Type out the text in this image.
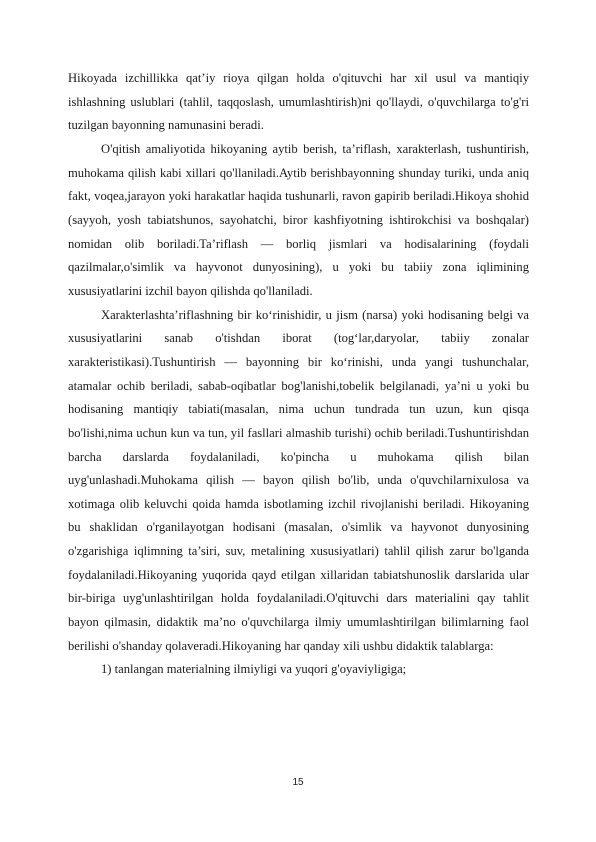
Hikoyada izchillikka qat’iy rioya qilgan holda o'qituvchi har xil usul va mantiqiy ishlashning uslublari (tahlil, taqqoslash, umumlashtirish)ni qo'llaydi, o'quvchilarga to'g'ri tuzilgan bayonning namunasini beradi.

O'qitish amaliyotida hikoyaning aytib berish, ta’riflash, xarakterlash, tushuntirish, muhokama qilish kabi xillari qo'llaniladi.Aytib berishbayonning shunday turiki, unda aniq fakt, voqea,jarayon yoki harakatlar haqida tushunarli, ravon gapirib beriladi.Hikoya shohid (sayyoh, yosh tabiatshunos, sayohatchi, biror kashfiyotning ishtirokchisi va boshqalar) nomidan olib boriladi.Ta’riflash — borliq jismlari va hodisalarining (foydali qazilmalar,o'simlik va hayvonot dunyosining), u yoki bu tabiiy zona iqlimining xususiyatlarini izchil bayon qilishda qo'llaniladi.

Xarakterlashta’riflashning bir ko‘rinishidir, u jism (narsa) yoki hodisaning belgi va xususiyatlarini sanab o'tishdan iborat (tog‘lar,daryolar, tabiiy zonalar xarakteristikasi).Tushuntirish — bayonning bir ko‘rinishi, unda yangi tushunchalar, atamalar ochib beriladi, sabab-oqibatlar bog'lanishi,tobelik belgilanadi, ya’ni u yoki bu hodisaning mantiqiy tabiati(masalan, nima uchun tundrada tun uzun, kun qisqa bo'lishi,nima uchun kun va tun, yil fasllari almashib turishi) ochib beriladi.Tushuntirishdan barcha darslarda foydalaniladi, ko'pincha u muhokama qilish bilan uyg'unlashadi.Muhokama qilish — bayon qilish bo'lib, unda o'quvchilarnixulosa va xotimaga olib keluvchi qoida hamda isbotlaming izchil rivojlanishi beriladi. Hikoyaning bu shaklidan o'rganilayotgan hodisani (masalan, o'simlik va hayvonot dunyosining o'zgarishiga iqlimning ta’siri, suv, metalining xususiyatlari) tahlil qilish zarur bo'lganda foydalaniladi.Hikoyaning yuqorida qayd etilgan xillaridan tabiatshunoslik darslarida ular bir-biriga uyg'unlashtirilgan holda foydalaniladi.O'qituvchi dars materialini qay tahlit bayon qilmasin, didaktik ma’no o'quvchilarga ilmiy umumlashtirilgan bilimlarning faol berilishi o'shanday qolaveradi.Hikoyaning har qanday xili ushbu didaktik talablarga:

1) tanlangan materialning ilmiyligi va yuqori g'oyaviyligiga;

15
